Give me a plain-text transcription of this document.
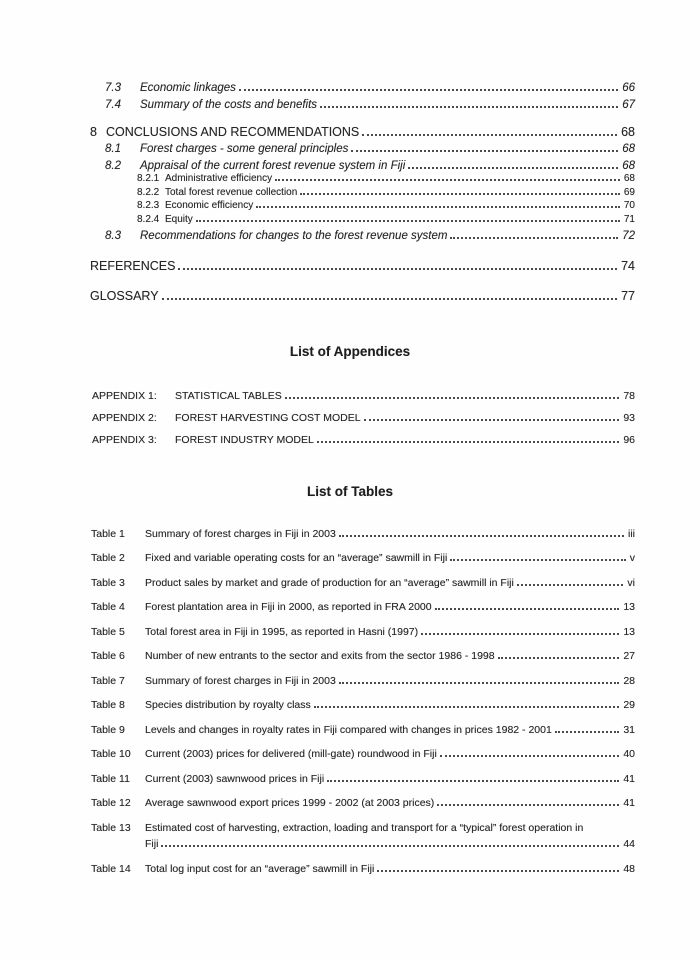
7.3	Economic linkages	66
7.4	Summary of the costs and benefits	67
8 CONCLUSIONS AND RECOMMENDATIONS	68
8.1	Forest charges - some general principles	68
8.2	Appraisal of the current forest revenue system in Fiji	68
8.2.1 Administrative efficiency	68
8.2.2 Total forest revenue collection	69
8.2.3 Economic efficiency	70
8.2.4 Equity	71
8.3	Recommendations for changes to the forest revenue system	72
REFERENCES	74
GLOSSARY	77
List of Appendices
APPENDIX 1:	STATISTICAL TABLES	78
APPENDIX 2:	FOREST HARVESTING COST MODEL	93
APPENDIX 3:	FOREST INDUSTRY MODEL	96
List of Tables
Table 1	Summary of forest charges in Fiji in 2003	iii
Table 2	Fixed and variable operating costs for an “average” sawmill in Fiji	v
Table 3	Product sales by market and grade of production for an “average” sawmill in Fiji	vi
Table 4	Forest plantation area in Fiji in 2000, as reported in FRA 2000	13
Table 5	Total forest area in Fiji in 1995, as reported in Hasni (1997)	13
Table 6	Number of new entrants to the sector and exits from the sector 1986 - 1998	27
Table 7	Summary of forest charges in Fiji in 2003	28
Table 8	Species distribution by royalty class	29
Table 9	Levels and changes in royalty rates in Fiji compared with changes in prices 1982 - 2001	31
Table 10	Current (2003) prices for delivered (mill-gate) roundwood in Fiji	40
Table 11	Current (2003) sawnwood prices in Fiji	41
Table 12	Average sawnwood export prices 1999 - 2002 (at 2003 prices)	41
Table 13	Estimated cost of harvesting, extraction, loading and transport for a “typical” forest operation in
Fiji	44
Table 14	Total log input cost for an “average” sawmill in Fiji	48
